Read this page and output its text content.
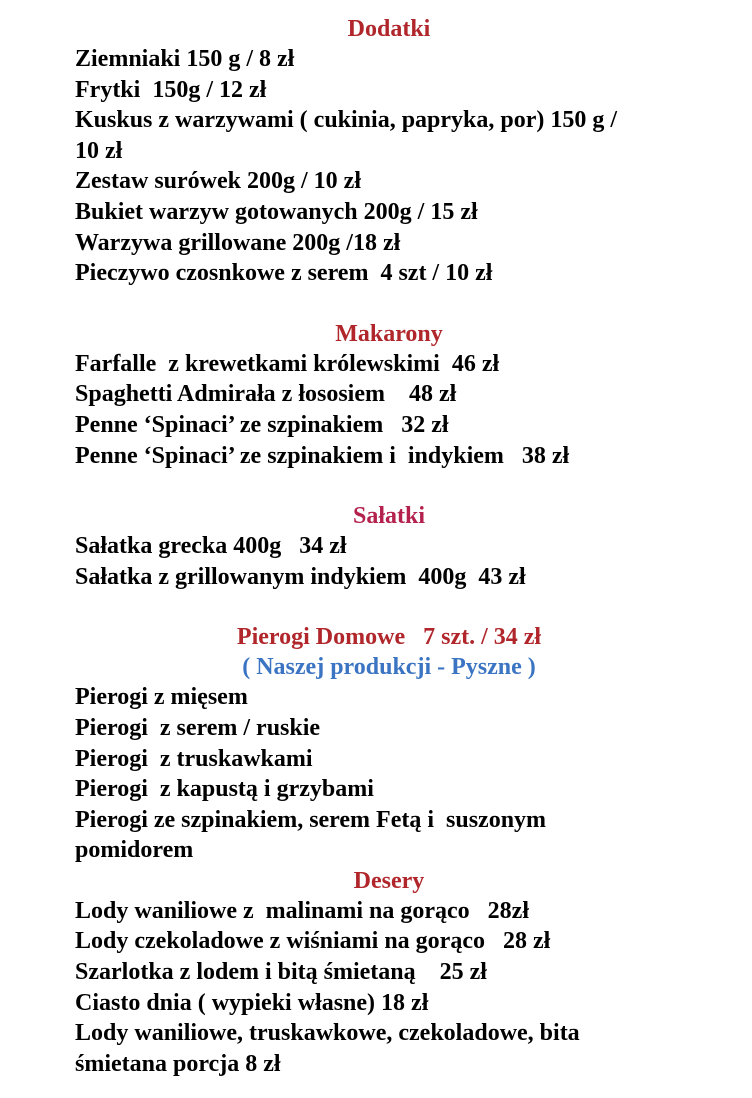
Dodatki
Ziemniaki 150 g / 8 zł
Frytki  150g / 12 zł
Kuskus z warzywami ( cukinia, papryka, por) 150 g /
10 zł
Zestaw surówek 200g / 10 zł
Bukiet warzyw gotowanych 200g / 15 zł
Warzywa grillowane 200g /18 zł
Pieczywo czosnkowe z serem  4 szt / 10 zł
Makarony
Farfalle  z krewetkami królewskimi  46 zł
Spaghetti Admirała z łososiem    48 zł
Penne ‘Spinaci’ ze szpinakiem   32 zł
Penne ‘Spinaci’ ze szpinakiem i  indykiem   38 zł
Sałatki
Sałatka grecka 400g   34 zł
Sałatka z grillowanym indykiem  400g  43 zł
Pierogi Domowe   7 szt. / 34 zł
( Naszej produkcji - Pyszne )
Pierogi z mięsem
Pierogi  z serem / ruskie
Pierogi  z truskawkami
Pierogi  z kapustą i grzybami
Pierogi ze szpinakiem, serem Fetą i  suszonym
pomidorem
Desery
Lody waniliowe z  malinami na gorąco   28zł
Lody czekoladowe z wiśniami na gorąco   28 zł
Szarlotka z lodem i bitą śmietaną    25 zł
Ciasto dnia ( wypieki własne) 18 zł
Lody waniliowe, truskawkowe, czekoladowe, bita
śmietana porcja 8 zł
